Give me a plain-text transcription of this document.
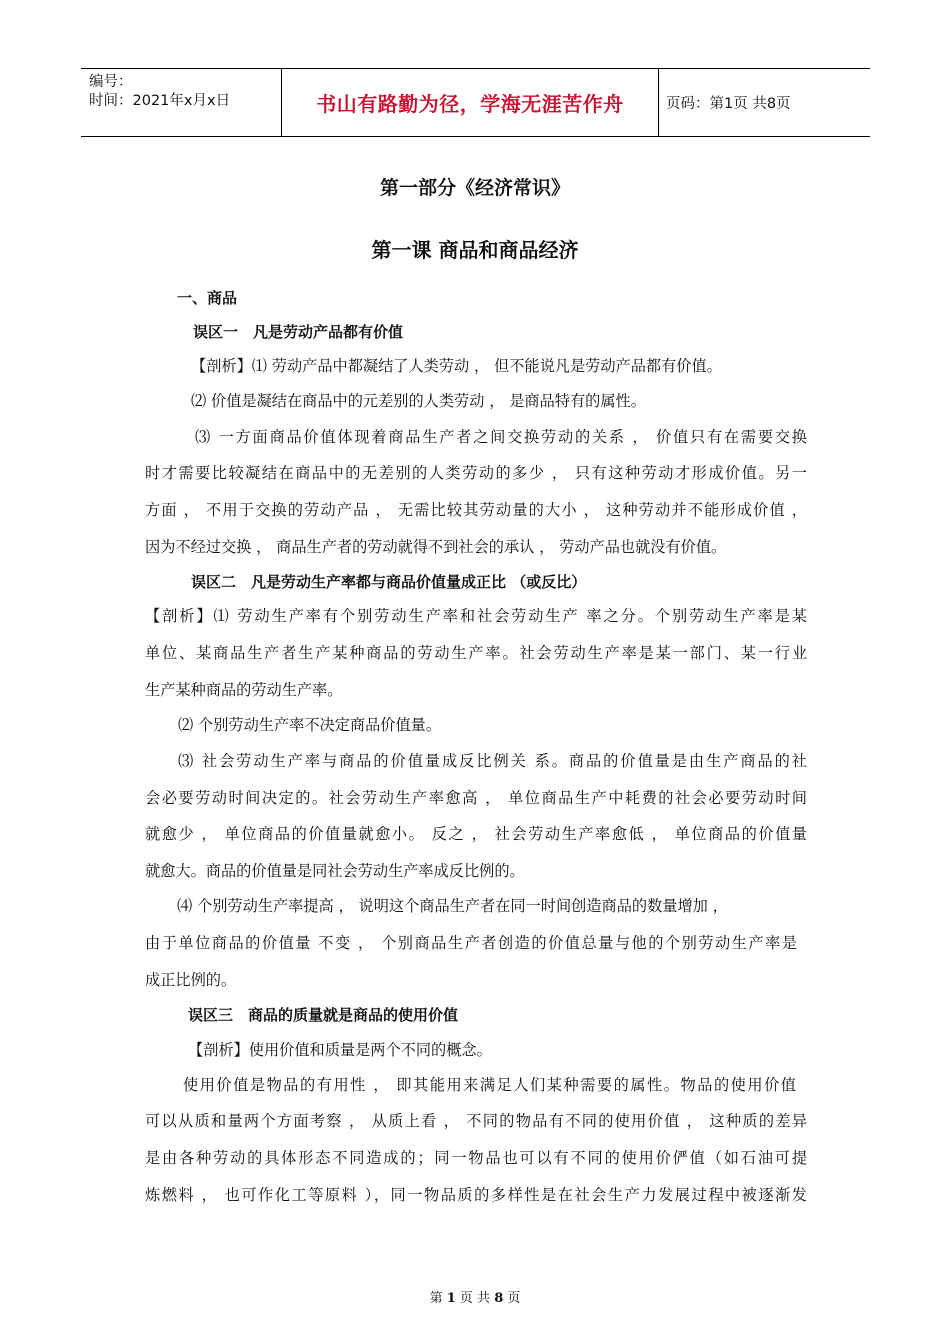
编号：
时间：2021年x月x日	书山有路勤为径，学海无涯苦作舟	页码：第1页 共8页
第一部分《经济常识》
第一课 商品和商品经济
一、商品
误区一　凡是劳动产品都有价值
【剖析】⑴ 劳动产品中都凝结了人类劳动 ， 但不能说凡是劳动产品都有价值。
⑵ 价值是凝结在商品中的元差别的人类劳动 ， 是商品特有的属性。
⑶ 一方面商品价值体现着商品生产者之间交换劳动的关系 ， 价值只有在需要交换
时才需要比较凝结在商品中的无差别的人类劳动的多少 ， 只有这种劳动才形成价值。另一
方面 ， 不用于交换的劳动产品 ， 无需比较其劳动量的大小 ， 这种劳动并不能形成价值 ，
因为不经过交换 ， 商品生产者的劳动就得不到社会的承认 ， 劳动产品也就没有价值。
误区二　凡是劳动生产率都与商品价值量成正比 （或反比）
【剖析】⑴ 劳动生产率有个别劳动生产率和社会劳动生产 率之分。个别劳动生产率是某
单位、某商品生产者生产某种商品的劳动生产率。社会劳动生产率是某一部门、某一行业
生产某种商品的劳动生产率。
⑵ 个别劳动生产率不决定商品价值量。
⑶ 社会劳动生产率与商品的价值量成反比例关 系。商品的价值量是由生产商品的社
会必要劳动时间决定的。社会劳动生产率愈高 ， 单位商品生产中耗费的社会必要劳动时间
就愈少 ， 单位商品的价值量就愈小。 反之 ， 社会劳动生产率愈低 ， 单位商品的价值量
就愈大。商品的价值量是同社会劳动生产率成反比例的。
⑷ 个别劳动生产率提高 ， 说明这个商品生产者在同一时间创造商品的数量增加 ，
由于单位商品的价值量 不变 ， 个别商品生产者创造的价值总量与他的个别劳动生产率是
成正比例的。
误区三　商品的质量就是商品的使用价值
【剖析】使用价值和质量是两个不同的概念。
使用价值是物品的有用性 ， 即其能用来满足人们某种需要的属性。物品的使用价值
可以从质和量两个方面考察 ， 从质上看 ， 不同的物品有不同的使用价值 ， 这种质的差异
是由各种劳动的具体形态不同造成的；同一物品也可以有不同的使用价俨值（如石油可提
炼燃料 ， 也可作化工等原料 ），同一物品质的多样性是在社会生产力发展过程中被逐渐发
第 1 页 共 8 页
